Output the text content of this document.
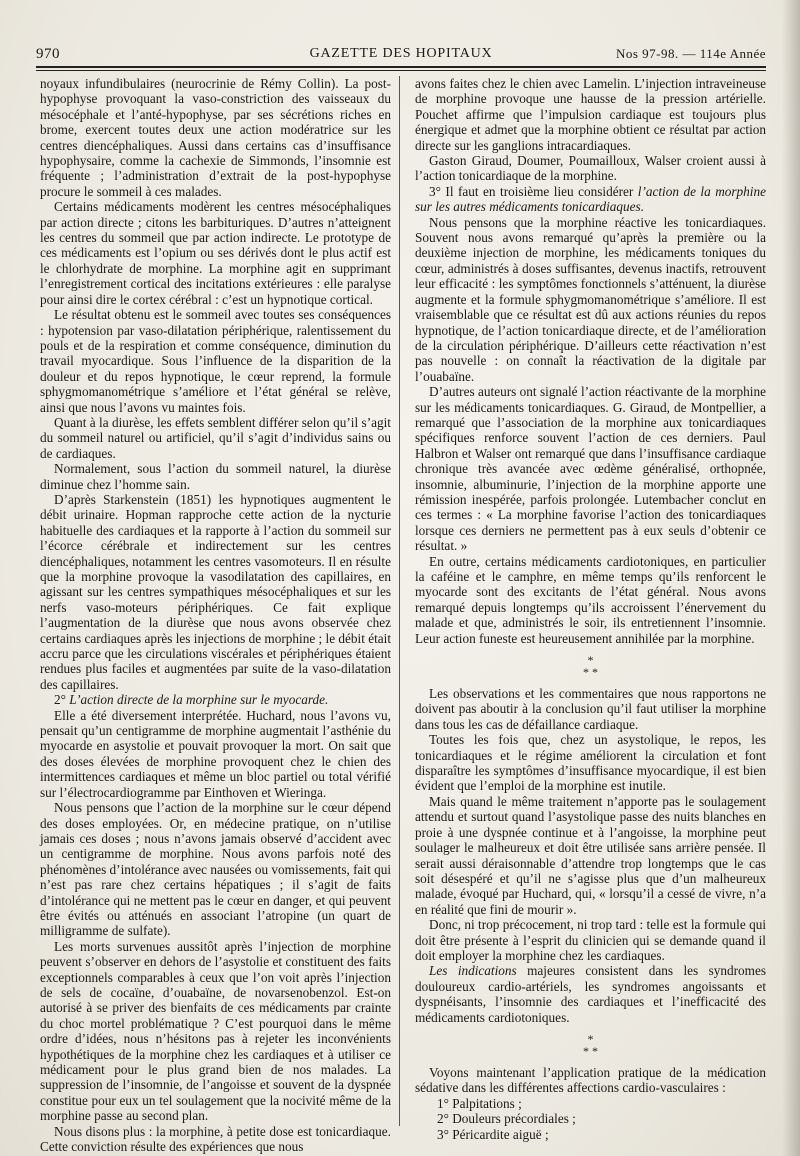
970	GAZETTE DES HOPITAUX	Nos 97-98. — 114e Année

noyaux infundibulaires (neurocrinie de Rémy Collin). La post-hypophyse provoquant la vaso-constriction des vaisseaux du mésocéphale et l’anté-hypophyse, par ses sécrétions riches en brome, exercent toutes deux une action modératrice sur les centres diencéphaliques. Aussi dans certains cas d’insuffisance hypophysaire, comme la cachexie de Simmonds, l’insomnie est fréquente ; l’administration d’extrait de la post-hypophyse procure le sommeil à ces malades.

Certains médicaments modèrent les centres mésocéphaliques par action directe ; citons les barbituriques. D’autres n’atteignent les centres du sommeil que par action indirecte. Le prototype de ces médicaments est l’opium ou ses dérivés dont le plus actif est le chlorhydrate de morphine. La morphine agit en supprimant l’enregistrement cortical des incitations extérieures : elle paralyse pour ainsi dire le cortex cérébral : c’est un hypnotique cortical.

Le résultat obtenu est le sommeil avec toutes ses conséquences : hypotension par vaso-dilatation périphérique, ralentissement du pouls et de la respiration et comme conséquence, diminution du travail myocardique. Sous l’influence de la disparition de la douleur et du repos hypnotique, le cœur reprend, la formule sphygmomanométrique s’améliore et l’état général se relève, ainsi que nous l’avons vu maintes fois.

Quant à la diurèse, les effets semblent différer selon qu’il s’agit du sommeil naturel ou artificiel, qu’il s’agit d’individus sains ou de cardiaques.

Normalement, sous l’action du sommeil naturel, la diurèse diminue chez l’homme sain.

D’après Starkenstein (1851) les hypnotiques augmentent le débit urinaire. Hopman rapproche cette action de la nycturie habituelle des cardiaques et la rapporte à l’action du sommeil sur l’écorce cérébrale et indirectement sur les centres diencéphaliques, notamment les centres vasomoteurs. Il en résulte que la morphine provoque la vasodilatation des capillaires, en agissant sur les centres sympathiques mésocéphaliques et sur les nerfs vaso-moteurs périphériques. Ce fait explique l’augmentation de la diurèse que nous avons observée chez certains cardiaques après les injections de morphine ; le débit était accru parce que les circulations viscérales et périphériques étaient rendues plus faciles et augmentées par suite de la vaso-dilatation des capillaires.

2° L’action directe de la morphine sur le myocarde.

Elle a été diversement interprétée. Huchard, nous l’avons vu, pensait qu’un centigramme de morphine augmentait l’asthénie du myocarde en asystolie et pouvait provoquer la mort. On sait que des doses élevées de morphine provoquent chez le chien des intermittences cardiaques et même un bloc partiel ou total vérifié sur l’électrocardiogramme par Einthoven et Wieringa.

Nous pensons que l’action de la morphine sur le cœur dépend des doses employées. Or, en médecine pratique, on n’utilise jamais ces doses ; nous n’avons jamais observé d’accident avec un centigramme de morphine. Nous avons parfois noté des phénomènes d’intolérance avec nausées ou vomissements, fait qui n’est pas rare chez certains hépatiques ; il s’agit de faits d’intolérance qui ne mettent pas le cœur en danger, et qui peuvent être évités ou atténués en associant l’atropine (un quart de milligramme de sulfate).

Les morts survenues aussitôt après l’injection de morphine peuvent s’observer en dehors de l’asystolie et constituent des faits exceptionnels comparables à ceux que l’on voit après l’injection de sels de cocaïne, d’ouabaïne, de novarsenobenzol. Est-on autorisé à se priver des bienfaits de ces médicaments par crainte du choc mortel problématique ? C’est pourquoi dans le même ordre d’idées, nous n’hésitons pas à rejeter les inconvénients hypothétiques de la morphine chez les cardiaques et à utiliser ce médicament pour le plus grand bien de nos malades. La suppression de l’insomnie, de l’angoisse et souvent de la dyspnée constitue pour eux un tel soulagement que la nocivité même de la morphine passe au second plan.

Nous disons plus : la morphine, à petite dose est tonicardiaque. Cette conviction résulte des expériences que nous

avons faites chez le chien avec Lamelin. L’injection intraveineuse de morphine provoque une hausse de la pression artérielle. Pouchet affirme que l’impulsion cardiaque est toujours plus énergique et admet que la morphine obtient ce résultat par action directe sur les ganglions intracardiaques.

Gaston Giraud, Doumer, Poumailloux, Walser croient aussi à l’action tonicardiaque de la morphine.

3° Il faut en troisième lieu considérer l’action de la morphine sur les autres médicaments tonicardiaques.

Nous pensons que la morphine réactive les tonicardiaques. Souvent nous avons remarqué qu’après la première ou la deuxième injection de morphine, les médicaments toniques du cœur, administrés à doses suffisantes, devenus inactifs, retrouvent leur efficacité : les symptômes fonctionnels s’atténuent, la diurèse augmente et la formule sphygmomanométrique s’améliore. Il est vraisemblable que ce résultat est dû aux actions réunies du repos hypnotique, de l’action tonicardiaque directe, et de l’amélioration de la circulation périphérique. D’ailleurs cette réactivation n’est pas nouvelle : on connaît la réactivation de la digitale par l’ouabaïne.

D’autres auteurs ont signalé l’action réactivante de la morphine sur les médicaments tonicardiaques. G. Giraud, de Montpellier, a remarqué que l’association de la morphine aux tonicardiaques spécifiques renforce souvent l’action de ces derniers. Paul Halbron et Walser ont remarqué que dans l’insuffisance cardiaque chronique très avancée avec œdème généralisé, orthopnée, insomnie, albuminurie, l’injection de la morphine apporte une rémission inespérée, parfois prolongée. Lutembacher conclut en ces termes : « La morphine favorise l’action des tonicardiaques lorsque ces derniers ne permettent pas à eux seuls d’obtenir ce résultat. »

En outre, certains médicaments cardiotoniques, en particulier la caféine et le camphre, en même temps qu’ils renforcent le myocarde sont des excitants de l’état général. Nous avons remarqué depuis longtemps qu’ils accroissent l’énervement du malade et que, administrés le soir, ils entretiennent l’insomnie. Leur action funeste est heureusement annihilée par la morphine.

*
* *

Les observations et les commentaires que nous rapportons ne doivent pas aboutir à la conclusion qu’il faut utiliser la morphine dans tous les cas de défaillance cardiaque.

Toutes les fois que, chez un asystolique, le repos, les tonicardiaques et le régime améliorent la circulation et font disparaître les symptômes d’insuffisance myocardique, il est bien évident que l’emploi de la morphine est inutile.

Mais quand le même traitement n’apporte pas le soulagement attendu et surtout quand l’asystolique passe des nuits blanches en proie à une dyspnée continue et à l’angoisse, la morphine peut soulager le malheureux et doit être utilisée sans arrière pensée. Il serait aussi déraisonnable d’attendre trop longtemps que le cas soit désespéré et qu’il ne s’agisse plus que d’un malheureux malade, évoqué par Huchard, qui, « lorsqu’il a cessé de vivre, n’a en réalité que fini de mourir ».

Donc, ni trop précocement, ni trop tard : telle est la formule qui doit être présente à l’esprit du clinicien qui se demande quand il doit employer la morphine chez les cardiaques.

Les indications majeures consistent dans les syndromes douloureux cardio-artériels, les syndromes angoissants et dyspnéisants, l’insomnie des cardiaques et l’inefficacité des médicaments cardiotoniques.

*
* *

Voyons maintenant l’application pratique de la médication sédative dans les différentes affections cardio-vasculaires :

1° Palpitations ;

2° Douleurs précordiales ;

3° Péricardite aiguë ;
